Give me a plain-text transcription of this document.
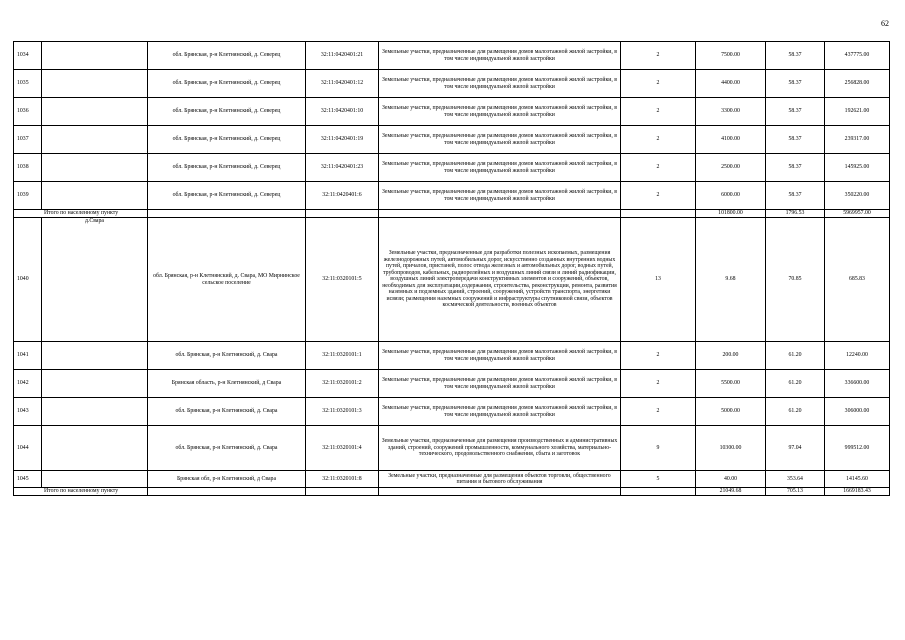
62
1034		обл. Брянская, р-н Клетнянский, д. Северец	32:11:0420401:21	Земельные участки, предназначенные для размещения домов малоэтажной жилой застройки, в том числе индивидуальной жилой застройки	2	7500.00	58.37	437775.00
1035		обл. Брянская, р-н Клетнянский, д. Северец	32:11:0420401:12	Земельные участки, предназначенные для размещения домов малоэтажной жилой застройки, в том числе индивидуальной жилой застройки	2	4400.00	58.37	256828.00
1036		обл. Брянская, р-н Клетнянский, д. Северец	32:11:0420401:10	Земельные участки, предназначенные для размещения домов малоэтажной жилой застройки, в том числе индивидуальной жилой застройки	2	3300.00	58.37	192621.00
1037		обл. Брянская, р-н Клетнянский, д. Северец	32:11:0420401:19	Земельные участки, предназначенные для размещения домов малоэтажной жилой застройки, в том числе индивидуальной жилой застройки	2	4100.00	58.37	239317.00
1038		обл. Брянская, р-н Клетнянский, д. Северец	32:11:0420401:23	Земельные участки, предназначенные для размещения домов малоэтажной жилой застройки, в том числе индивидуальной жилой застройки	2	2500.00	58.37	145925.00
1039		обл. Брянская, р-н Клетнянский, д. Северец	32:11:0420401:6	Земельные участки, предназначенные для размещения домов малоэтажной жилой застройки, в том числе индивидуальной жилой застройки	2	6000.00	58.37	350220.00
Итого по населенному пункту						101800.00	1796.53	5969957.00
1040	д.Свара	обл. Брянская, р-н Клетнянский, д. Свара, МО Мирнинское сельское поселение	32:11:0320101:5	Земельные участки, предназначенные для разработки полезных ископаемых, размещения железнодорожных путей, автомобильных дорог, искусственно созданных внутренних водных путей, причалов, пристаней, полос отвода железных и автомобильных дорог, водных путей, трубопроводов, кабельных, радиорелейных и воздушных линий связи и линий радиофикации, воздушных линий электропередачи конструктивных элементов и сооружений, объектов, необходимых для эксплуатации,содержания, строительства, реконструкции, ремонта, развития наземных и подземных зданий, строений, сооружений, устройств транспорта, энергетики исвязи; размещения наземных сооружений и инфраструктуры спутниковой связи, объектов космической деятельности, военных объектов	13	9.68	70.85	685.83
1041		обл. Брянская, р-н Клетнянский, д. Свара	32:11:0320101:1	Земельные участки, предназначенные для размещения домов малоэтажной жилой застройки, в том числе индивидуальной жилой застройки	2	200.00	61.20	12240.00
1042		Брянская область, р-н Клетнянский, д Свара	32:11:0320101:2	Земельные участки, предназначенные для размещения домов малоэтажной жилой застройки, в том числе индивидуальной жилой застройки	2	5500.00	61.20	336600.00
1043		обл. Брянская, р-н Клетнянский, д. Свара	32:11:0320101:3	Земельные участки, предназначенные для размещения домов малоэтажной жилой застройки, в том числе индивидуальной жилой застройки	2	5000.00	61.20	306000.00
1044		обл. Брянская, р-н Клетнянский, д. Свара	32:11:0320101:4	Земельные участки, предназначенные для размещения производственных и административных зданий, строений, сооружений промышленности, коммунального хозяйства, материально-технического, продовольственного снабжения, сбыта и заготовок	9	10300.00	97.04	999512.00
1045		Брянская обл, р-н Клетнянский, д Свара	32:11:0320101:8	Земельные участки, предназначенные для размещения объектов торговли, общественного питания и бытового обслуживания	5	40.00	353.64	14145.60
Итого по населенному пункту						21049.68	705.13	1669183.43
